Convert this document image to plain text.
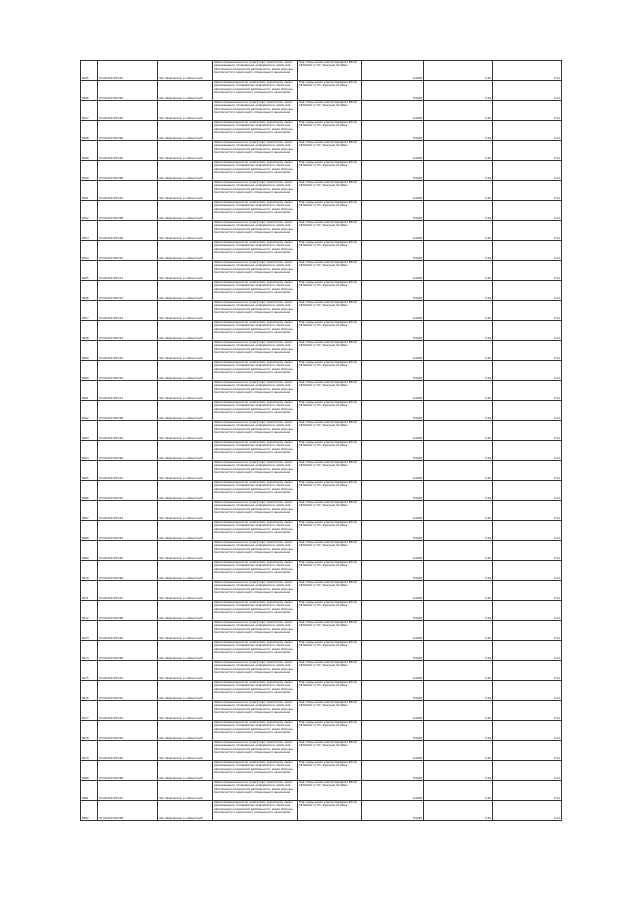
6045	37:02:010729:501	обл. Ивановская, р-н Вичугский	Земли промышленности, энергетики, транспорта, связи, радиовещания, телевидения, информатики, земли для обеспечения космической деятельности, земли обороны, безопасности и земли иного специального назначения	Под опоры линии электропередачи ВЛ-10 кВ №1002 от ПС "Красный Октябрь"	0,0004	0,10	0,11
6046	37:02:010729:502	обл. Ивановская, р-н Вичугский	Земли промышленности, энергетики, транспорта, связи, радиовещания, телевидения, информатики, земли для обеспечения космической деятельности, земли обороны, безопасности и земли иного специального назначения	Под опоры линии электропередачи ВЛ-10 кВ №1002 от ПС "Красный Октябрь"	0,0004	0,10	0,11
6047	37:02:010729:503	обл. Ивановская, р-н Вичугский	Земли промышленности, энергетики, транспорта, связи, радиовещания, телевидения, информатики, земли для обеспечения космической деятельности, земли обороны, безопасности и земли иного специального назначения	Под опоры линии электропередачи ВЛ-10 кВ №1002 от ПС "Красный Октябрь"	0,0004	0,10	0,11
6048	37:02:010729:504	обл. Ивановская, р-н Вичугский	Земли промышленности, энергетики, транспорта, связи, радиовещания, телевидения, информатики, земли для обеспечения космической деятельности, земли обороны, безопасности и земли иного специального назначения	Под опоры линии электропередачи ВЛ-10 кВ №1002 от ПС "Красный Октябрь"	0,0004	0,10	0,11
6049	37:02:010729:505	обл. Ивановская, р-н Вичугский	Земли промышленности, энергетики, транспорта, связи, радиовещания, телевидения, информатики, земли для обеспечения космической деятельности, земли обороны, безопасности и земли иного специального назначения	Под опоры линии электропередачи ВЛ-10 кВ №1002 от ПС "Красный Октябрь"	0,0004	0,10	0,11
6050	37:02:010729:506	обл. Ивановская, р-н Вичугский	Земли промышленности, энергетики, транспорта, связи, радиовещания, телевидения, информатики, земли для обеспечения космической деятельности, земли обороны, безопасности и земли иного специального назначения	Под опоры линии электропередачи ВЛ-10 кВ №1002 от ПС "Красный Октябрь"	0,0004	0,10	0,11
6051	37:02:010729:507	обл. Ивановская, р-н Вичугский	Земли промышленности, энергетики, транспорта, связи, радиовещания, телевидения, информатики, земли для обеспечения космической деятельности, земли обороны, безопасности и земли иного специального назначения	Под опоры линии электропередачи ВЛ-10 кВ №1002 от ПС "Красный Октябрь"	0,0004	0,10	0,11
6052	37:02:010729:508	обл. Ивановская, р-н Вичугский	Земли промышленности, энергетики, транспорта, связи, радиовещания, телевидения, информатики, земли для обеспечения космической деятельности, земли обороны, безопасности и земли иного специального назначения	Под опоры линии электропередачи ВЛ-10 кВ №1002 от ПС "Красный Октябрь"	0,0004	0,10	0,11
6053	37:02:010729:509	обл. Ивановская, р-н Вичугский	Земли промышленности, энергетики, транспорта, связи, радиовещания, телевидения, информатики, земли для обеспечения космической деятельности, земли обороны, безопасности и земли иного специального назначения	Под опоры линии электропередачи ВЛ-10 кВ №1002 от ПС "Красный Октябрь"	0,0004	0,10	0,11
6054	37:02:010729:510	обл. Ивановская, р-н Вичугский	Земли промышленности, энергетики, транспорта, связи, радиовещания, телевидения, информатики, земли для обеспечения космической деятельности, земли обороны, безопасности и земли иного специального назначения	Под опоры линии электропередачи ВЛ-10 кВ №1002 от ПС "Красный Октябрь"	0,0004	0,10	0,11
6055	37:02:010729:511	обл. Ивановская, р-н Вичугский	Земли промышленности, энергетики, транспорта, связи, радиовещания, телевидения, информатики, земли для обеспечения космической деятельности, земли обороны, безопасности и земли иного специального назначения	Под опоры линии электропередачи ВЛ-10 кВ №1002 от ПС "Красный Октябрь"	0,0004	0,10	0,11
6056	37:02:010729:512	обл. Ивановская, р-н Вичугский	Земли промышленности, энергетики, транспорта, связи, радиовещания, телевидения, информатики, земли для обеспечения космической деятельности, земли обороны, безопасности и земли иного специального назначения	Под опоры линии электропередачи ВЛ-10 кВ №1002 от ПС "Красный Октябрь"	0,0004	0,10	0,11
6057	37:02:010729:513	обл. Ивановская, р-н Вичугский	Земли промышленности, энергетики, транспорта, связи, радиовещания, телевидения, информатики, земли для обеспечения космической деятельности, земли обороны, безопасности и земли иного специального назначения	Под опоры линии электропередачи ВЛ-10 кВ №1002 от ПС "Красный Октябрь"	0,0004	0,10	0,11
6058	37:02:010729:514	обл. Ивановская, р-н Вичугский	Земли промышленности, энергетики, транспорта, связи, радиовещания, телевидения, информатики, земли для обеспечения космической деятельности, земли обороны, безопасности и земли иного специального назначения	Под опоры линии электропередачи ВЛ-10 кВ №1002 от ПС "Красный Октябрь"	0,0004	0,10	0,11
6059	37:02:010729:515	обл. Ивановская, р-н Вичугский	Земли промышленности, энергетики, транспорта, связи, радиовещания, телевидения, информатики, земли для обеспечения космической деятельности, земли обороны, безопасности и земли иного специального назначения	Под опоры линии электропередачи ВЛ-10 кВ №1002 от ПС "Красный Октябрь"	0,0004	0,10	0,11
6060	37:02:010729:516	обл. Ивановская, р-н Вичугский	Земли промышленности, энергетики, транспорта, связи, радиовещания, телевидения, информатики, земли для обеспечения космической деятельности, земли обороны, безопасности и земли иного специального назначения	Под опоры линии электропередачи ВЛ-10 кВ №1002 от ПС "Красный Октябрь"	0,0004	0,10	0,11
6061	37:02:010729:517	обл. Ивановская, р-н Вичугский	Земли промышленности, энергетики, транспорта, связи, радиовещания, телевидения, информатики, земли для обеспечения космической деятельности, земли обороны, безопасности и земли иного специального назначения	Под опоры линии электропередачи ВЛ-10 кВ №1002 от ПС "Красный Октябрь"	0,0004	0,10	0,11
6062	37:02:010729:518	обл. Ивановская, р-н Вичугский	Земли промышленности, энергетики, транспорта, связи, радиовещания, телевидения, информатики, земли для обеспечения космической деятельности, земли обороны, безопасности и земли иного специального назначения	Под опоры линии электропередачи ВЛ-10 кВ №1002 от ПС "Красный Октябрь"	0,0004	0,10	0,11
6063	37:02:010729:519	обл. Ивановская, р-н Вичугский	Земли промышленности, энергетики, транспорта, связи, радиовещания, телевидения, информатики, земли для обеспечения космической деятельности, земли обороны, безопасности и земли иного специального назначения	Под опоры линии электропередачи ВЛ-10 кВ №1002 от ПС "Красный Октябрь"	0,0004	0,10	0,11
6064	37:02:010729:520	обл. Ивановская, р-н Вичугский	Земли промышленности, энергетики, транспорта, связи, радиовещания, телевидения, информатики, земли для обеспечения космической деятельности, земли обороны, безопасности и земли иного специального назначения	Под опоры линии электропередачи ВЛ-10 кВ №1002 от ПС "Красный Октябрь"	0,0004	0,10	0,11
6065	37:02:010729:521	обл. Ивановская, р-н Вичугский	Земли промышленности, энергетики, транспорта, связи, радиовещания, телевидения, информатики, земли для обеспечения космической деятельности, земли обороны, безопасности и земли иного специального назначения	Под опоры линии электропередачи ВЛ-10 кВ №1002 от ПС "Красный Октябрь"	0,0004	0,10	0,11
6066	37:02:010729:522	обл. Ивановская, р-н Вичугский	Земли промышленности, энергетики, транспорта, связи, радиовещания, телевидения, информатики, земли для обеспечения космической деятельности, земли обороны, безопасности и земли иного специального назначения	Под опоры линии электропередачи ВЛ-10 кВ №1002 от ПС "Красный Октябрь"	0,0004	0,10	0,11
6067	37:02:010729:523	обл. Ивановская, р-н Вичугский	Земли промышленности, энергетики, транспорта, связи, радиовещания, телевидения, информатики, земли для обеспечения космической деятельности, земли обороны, безопасности и земли иного специального назначения	Под опоры линии электропередачи ВЛ-10 кВ №1002 от ПС "Красный Октябрь"	0,0004	0,10	0,11
6068	37:02:010729:524	обл. Ивановская, р-н Вичугский	Земли промышленности, энергетики, транспорта, связи, радиовещания, телевидения, информатики, земли для обеспечения космической деятельности, земли обороны, безопасности и земли иного специального назначения	Под опоры линии электропередачи ВЛ-10 кВ №1002 от ПС "Красный Октябрь"	0,0004	0,10	0,11
6069	37:02:010729:525	обл. Ивановская, р-н Вичугский	Земли промышленности, энергетики, транспорта, связи, радиовещания, телевидения, информатики, земли для обеспечения космической деятельности, земли обороны, безопасности и земли иного специального назначения	Под опоры линии электропередачи ВЛ-10 кВ №1002 от ПС "Красный Октябрь"	0,0004	0,10	0,11
6070	37:02:010729:526	обл. Ивановская, р-н Вичугский	Земли промышленности, энергетики, транспорта, связи, радиовещания, телевидения, информатики, земли для обеспечения космической деятельности, земли обороны, безопасности и земли иного специального назначения	Под опоры линии электропередачи ВЛ-10 кВ №1002 от ПС "Красный Октябрь"	0,0004	0,10	0,11
6071	37:02:010729:527	обл. Ивановская, р-н Вичугский	Земли промышленности, энергетики, транспорта, связи, радиовещания, телевидения, информатики, земли для обеспечения космической деятельности, земли обороны, безопасности и земли иного специального назначения	Под опоры линии электропередачи ВЛ-10 кВ №1002 от ПС "Красный Октябрь"	0,0004	0,10	0,11
6072	37:02:010729:528	обл. Ивановская, р-н Вичугский	Земли промышленности, энергетики, транспорта, связи, радиовещания, телевидения, информатики, земли для обеспечения космической деятельности, земли обороны, безопасности и земли иного специального назначения	Под опоры линии электропередачи ВЛ-10 кВ №1002 от ПС "Красный Октябрь"	0,0004	0,10	0,11
6073	37:02:010729:529	обл. Ивановская, р-н Вичугский	Земли промышленности, энергетики, транспорта, связи, радиовещания, телевидения, информатики, земли для обеспечения космической деятельности, земли обороны, безопасности и земли иного специального назначения	Под опоры линии электропередачи ВЛ-10 кВ №1002 от ПС "Красный Октябрь"	0,0004	0,10	0,11
6074	37:02:010729:530	обл. Ивановская, р-н Вичугский	Земли промышленности, энергетики, транспорта, связи, радиовещания, телевидения, информатики, земли для обеспечения космической деятельности, земли обороны, безопасности и земли иного специального назначения	Под опоры линии электропередачи ВЛ-10 кВ №1002 от ПС "Красный Октябрь"	0,0004	0,10	0,11
6075	37:02:010729:531	обл. Ивановская, р-н Вичугский	Земли промышленности, энергетики, транспорта, связи, радиовещания, телевидения, информатики, земли для обеспечения космической деятельности, земли обороны, безопасности и земли иного специального назначения	Под опоры линии электропередачи ВЛ-10 кВ №1002 от ПС "Красный Октябрь"	0,0004	0,10	0,11
6076	37:02:010729:532	обл. Ивановская, р-н Вичугский	Земли промышленности, энергетики, транспорта, связи, радиовещания, телевидения, информатики, земли для обеспечения космической деятельности, земли обороны, безопасности и земли иного специального назначения	Под опоры линии электропередачи ВЛ-10 кВ №1002 от ПС "Красный Октябрь"	0,0004	0,10	0,11
6077	37:02:010729:533	обл. Ивановская, р-н Вичугский	Земли промышленности, энергетики, транспорта, связи, радиовещания, телевидения, информатики, земли для обеспечения космической деятельности, земли обороны, безопасности и земли иного специального назначения	Под опоры линии электропередачи ВЛ-10 кВ №1002 от ПС "Красный Октябрь"	0,0004	0,10	0,11
6078	37:02:010729:534	обл. Ивановская, р-н Вичугский	Земли промышленности, энергетики, транспорта, связи, радиовещания, телевидения, информатики, земли для обеспечения космической деятельности, земли обороны, безопасности и земли иного специального назначения	Под опоры линии электропередачи ВЛ-10 кВ №1002 от ПС "Красный Октябрь"	0,0004	0,10	0,11
6079	37:02:010729:535	обл. Ивановская, р-н Вичугский	Земли промышленности, энергетики, транспорта, связи, радиовещания, телевидения, информатики, земли для обеспечения космической деятельности, земли обороны, безопасности и земли иного специального назначения	Под опоры линии электропередачи ВЛ-10 кВ №1002 от ПС "Красный Октябрь"	0,0004	0,10	0,11
6080	37:02:010729:536	обл. Ивановская, р-н Вичугский	Земли промышленности, энергетики, транспорта, связи, радиовещания, телевидения, информатики, земли для обеспечения космической деятельности, земли обороны, безопасности и земли иного специального назначения	Под опоры линии электропередачи ВЛ-10 кВ №1002 от ПС "Красный Октябрь"	0,0004	0,10	0,11
6081	37:02:010729:537	обл. Ивановская, р-н Вичугский	Земли промышленности, энергетики, транспорта, связи, радиовещания, телевидения, информатики, земли для обеспечения космической деятельности, земли обороны, безопасности и земли иного специального назначения	Под опоры линии электропередачи ВЛ-10 кВ №1002 от ПС "Красный Октябрь"	0,0004	0,10	0,11
6082	37:02:010729:538	обл. Ивановская, р-н Вичугский	Земли промышленности, энергетики, транспорта, связи, радиовещания, телевидения, информатики, земли для обеспечения космической деятельности, земли обороны, безопасности и земли иного специального назначения	Под опоры линии электропередачи ВЛ-10 кВ №1002 от ПС "Красный Октябрь"	0,0004	0,10	0,11
